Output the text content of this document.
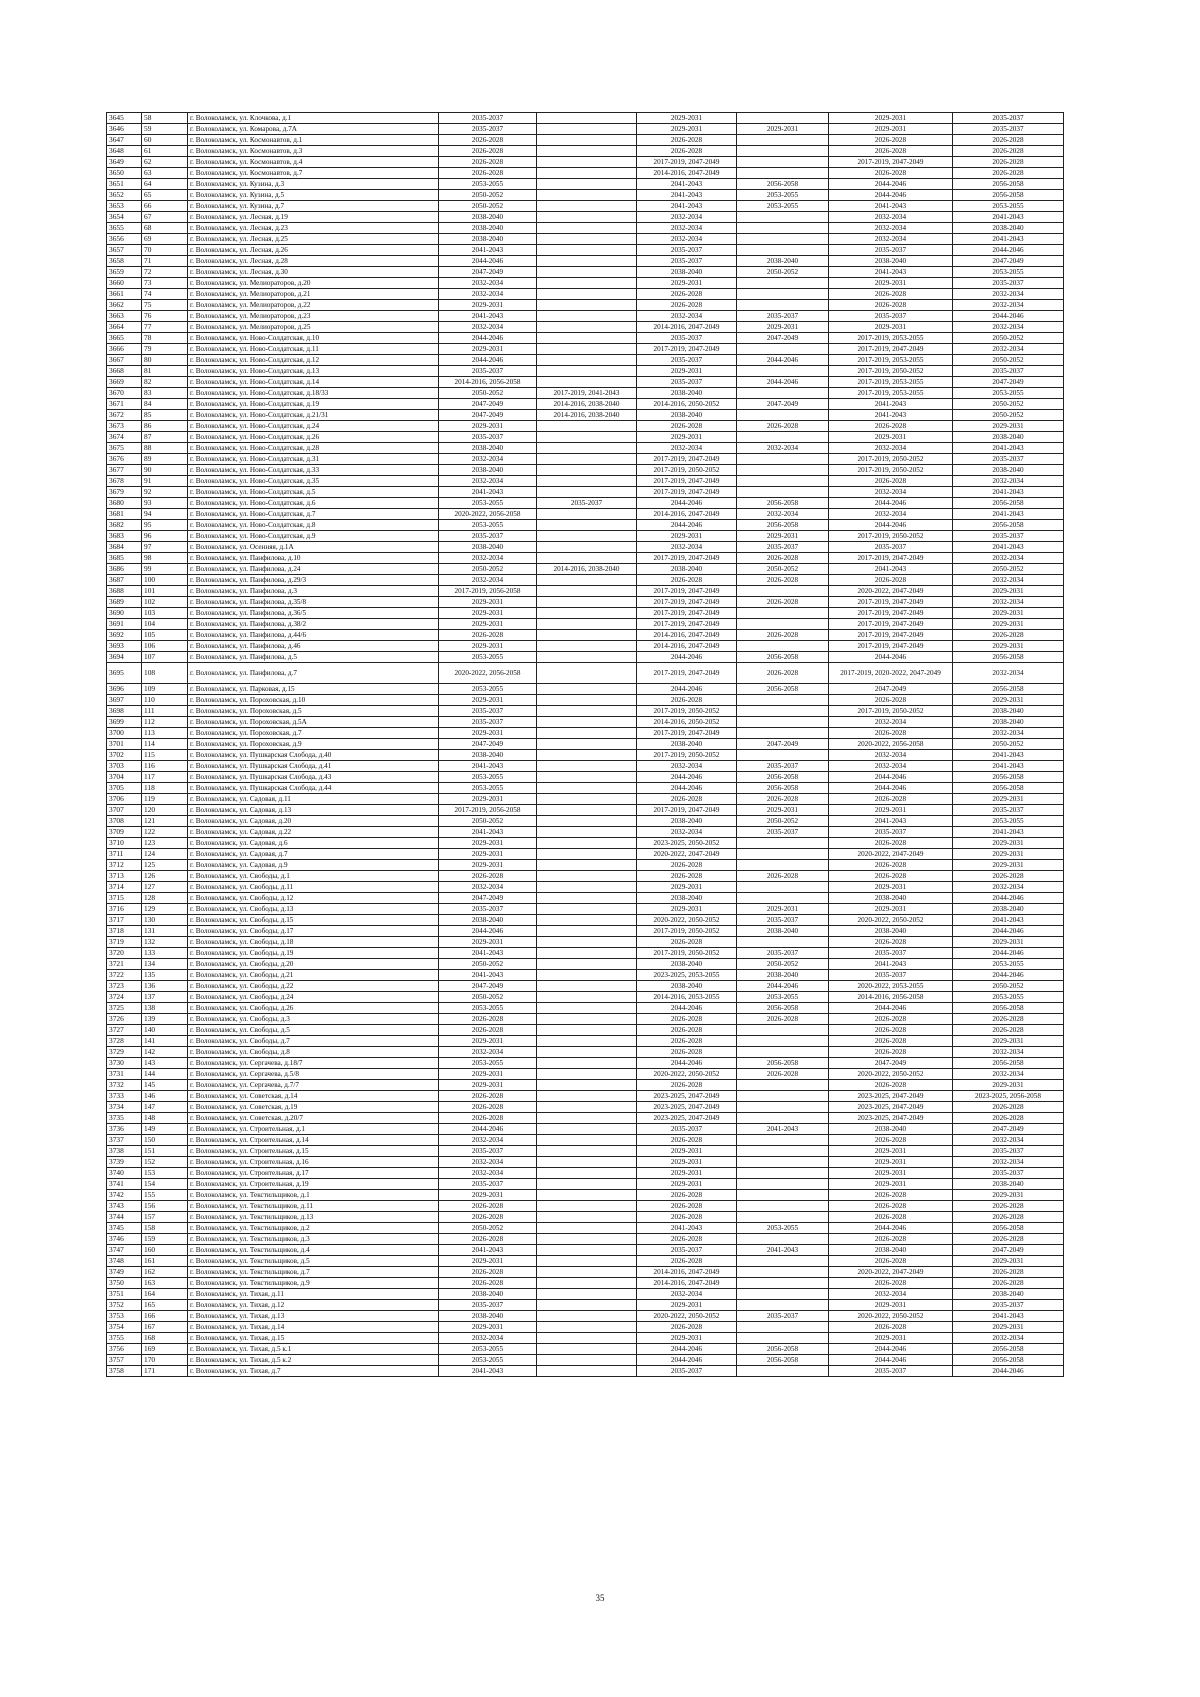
3645	58	г. Волоколамск, ул. Клочкова, д.1	2035-2037		2029-2031		2029-2031	2035-2037
3646	59	г. Волоколамск, ул. Комарова, д.7А	2035-2037		2029-2031	2029-2031	2029-2031	2035-2037
3647	60	г. Волоколамск, ул. Космонавтов, д.1	2026-2028		2026-2028		2026-2028	2026-2028
3648	61	г. Волоколамск, ул. Космонавтов, д.3	2026-2028		2026-2028		2026-2028	2026-2028
3649	62	г. Волоколамск, ул. Космонавтов, д.4	2026-2028		2017-2019, 2047-2049		2017-2019, 2047-2049	2026-2028
3650	63	г. Волоколамск, ул. Космонавтов, д.7	2026-2028		2014-2016, 2047-2049		2026-2028	2026-2028
3651	64	г. Волоколамск, ул. Кузина, д.3	2053-2055		2041-2043	2056-2058	2044-2046	2056-2058
3652	65	г. Волоколамск, ул. Кузина, д.5	2050-2052		2041-2043	2053-2055	2044-2046	2056-2058
3653	66	г. Волоколамск, ул. Кузина, д.7	2050-2052		2041-2043	2053-2055	2041-2043	2053-2055
3654	67	г. Волоколамск, ул. Лесная, д.19	2038-2040		2032-2034		2032-2034	2041-2043
3655	68	г. Волоколамск, ул. Лесная, д.23	2038-2040		2032-2034		2032-2034	2038-2040
3656	69	г. Волоколамск, ул. Лесная, д.25	2038-2040		2032-2034		2032-2034	2041-2043
3657	70	г. Волоколамск, ул. Лесная, д.26	2041-2043		2035-2037		2035-2037	2044-2046
3658	71	г. Волоколамск, ул. Лесная, д.28	2044-2046		2035-2037	2038-2040	2038-2040	2047-2049
3659	72	г. Волоколамск, ул. Лесная, д.30	2047-2049		2038-2040	2050-2052	2041-2043	2053-2055
3660	73	г. Волоколамск, ул. Мелиораторов, д.20	2032-2034		2029-2031		2029-2031	2035-2037
3661	74	г. Волоколамск, ул. Мелиораторов, д.21	2032-2034		2026-2028		2026-2028	2032-2034
3662	75	г. Волоколамск, ул. Мелиораторов, д.22	2029-2031		2026-2028		2026-2028	2032-2034
3663	76	г. Волоколамск, ул. Мелиораторов, д.23	2041-2043		2032-2034	2035-2037	2035-2037	2044-2046
3664	77	г. Волоколамск, ул. Мелиораторов, д.25	2032-2034		2014-2016, 2047-2049	2029-2031	2029-2031	2032-2034
3665	78	г. Волоколамск, ул. Ново-Солдатская, д.10	2044-2046		2035-2037	2047-2049	2017-2019, 2053-2055	2050-2052
3666	79	г. Волоколамск, ул. Ново-Солдатская, д.11	2029-2031		2017-2019, 2047-2049		2017-2019, 2047-2049	2032-2034
3667	80	г. Волоколамск, ул. Ново-Солдатская, д.12	2044-2046		2035-2037	2044-2046	2017-2019, 2053-2055	2050-2052
3668	81	г. Волоколамск, ул. Ново-Солдатская, д.13	2035-2037		2029-2031		2017-2019, 2050-2052	2035-2037
3669	82	г. Волоколамск, ул. Ново-Солдатская, д.14	2014-2016, 2056-2058		2035-2037	2044-2046	2017-2019, 2053-2055	2047-2049
3670	83	г. Волоколамск, ул. Ново-Солдатская, д.18/33	2050-2052	2017-2019, 2041-2043	2038-2040		2017-2019, 2053-2055	2053-2055
3671	84	г. Волоколамск, ул. Ново-Солдатская, д.19	2047-2049	2014-2016, 2038-2040	2014-2016, 2050-2052	2047-2049	2041-2043	2050-2052
3672	85	г. Волоколамск, ул. Ново-Солдатская, д.21/31	2047-2049	2014-2016, 2038-2040	2038-2040		2041-2043	2050-2052
3673	86	г. Волоколамск, ул. Ново-Солдатская, д.24	2029-2031		2026-2028	2026-2028	2026-2028	2029-2031
3674	87	г. Волоколамск, ул. Ново-Солдатская, д.26	2035-2037		2029-2031		2029-2031	2038-2040
3675	88	г. Волоколамск, ул. Ново-Солдатская, д.28	2038-2040		2032-2034	2032-2034	2032-2034	2041-2043
3676	89	г. Волоколамск, ул. Ново-Солдатская, д.31	2032-2034		2017-2019, 2047-2049		2017-2019, 2050-2052	2035-2037
3677	90	г. Волоколамск, ул. Ново-Солдатская, д.33	2038-2040		2017-2019, 2050-2052		2017-2019, 2050-2052	2038-2040
3678	91	г. Волоколамск, ул. Ново-Солдатская, д.35	2032-2034		2017-2019, 2047-2049		2026-2028	2032-2034
3679	92	г. Волоколамск, ул. Ново-Солдатская, д.5	2041-2043		2017-2019, 2047-2049		2032-2034	2041-2043
3680	93	г. Волоколамск, ул. Ново-Солдатская, д.6	2053-2055	2035-2037	2044-2046	2056-2058	2044-2046	2056-2058
3681	94	г. Волоколамск, ул. Ново-Солдатская, д.7	2020-2022, 2056-2058		2014-2016, 2047-2049	2032-2034	2032-2034	2041-2043
3682	95	г. Волоколамск, ул. Ново-Солдатская, д.8	2053-2055		2044-2046	2056-2058	2044-2046	2056-2058
3683	96	г. Волоколамск, ул. Ново-Солдатская, д.9	2035-2037		2029-2031	2029-2031	2017-2019, 2050-2052	2035-2037
3684	97	г. Волоколамск, ул. Осенняя, д.1А	2038-2040		2032-2034	2035-2037	2035-2037	2041-2043
3685	98	г. Волоколамск, ул. Панфилова, д.10	2032-2034		2017-2019, 2047-2049	2026-2028	2017-2019, 2047-2049	2032-2034
3686	99	г. Волоколамск, ул. Панфилова, д.24	2050-2052	2014-2016, 2038-2040	2038-2040	2050-2052	2041-2043	2050-2052
3687	100	г. Волоколамск, ул. Панфилова, д.29/3	2032-2034		2026-2028	2026-2028	2026-2028	2032-2034
3688	101	г. Волоколамск, ул. Панфилова, д.3	2017-2019, 2056-2058		2017-2019, 2047-2049		2020-2022, 2047-2049	2029-2031
3689	102	г. Волоколамск, ул. Панфилова, д.35/8	2029-2031		2017-2019, 2047-2049	2026-2028	2017-2019, 2047-2049	2032-2034
3690	103	г. Волоколамск, ул. Панфилова, д.36/5	2029-2031		2017-2019, 2047-2049		2017-2019, 2047-2049	2029-2031
3691	104	г. Волоколамск, ул. Панфилова, д.38/2	2029-2031		2017-2019, 2047-2049		2017-2019, 2047-2049	2029-2031
3692	105	г. Волоколамск, ул. Панфилова, д.44/6	2026-2028		2014-2016, 2047-2049	2026-2028	2017-2019, 2047-2049	2026-2028
3693	106	г. Волоколамск, ул. Панфилова, д.46	2029-2031		2014-2016, 2047-2049		2017-2019, 2047-2049	2029-2031
3694	107	г. Волоколамск, ул. Панфилова, д.5	2053-2055		2044-2046	2056-2058	2044-2046	2056-2058
3695	108	г. Волоколамск, ул. Панфилова, д.7	2020-2022, 2056-2058		2017-2019, 2047-2049	2026-2028	2017-2019, 2020-2022, 2047-2049	2032-2034
3696	109	г. Волоколамск, ул. Парковая, д.15	2053-2055		2044-2046	2056-2058	2047-2049	2056-2058
3697	110	г. Волоколамск, ул. Пороховская, д.10	2029-2031		2026-2028		2026-2028	2029-2031
3698	111	г. Волоколамск, ул. Пороховская, д.5	2035-2037		2017-2019, 2050-2052		2017-2019, 2050-2052	2038-2040
3699	112	г. Волоколамск, ул. Пороховская, д.5А	2035-2037		2014-2016, 2050-2052		2032-2034	2038-2040
3700	113	г. Волоколамск, ул. Пороховская, д.7	2029-2031		2017-2019, 2047-2049		2026-2028	2032-2034
3701	114	г. Волоколамск, ул. Пороховская, д.9	2047-2049		2038-2040	2047-2049	2020-2022, 2056-2058	2050-2052
3702	115	г. Волоколамск, ул. Пушкарская Слобода, д.40	2038-2040		2017-2019, 2050-2052		2032-2034	2041-2043
3703	116	г. Волоколамск, ул. Пушкарская Слобода, д.41	2041-2043		2032-2034	2035-2037	2032-2034	2041-2043
3704	117	г. Волоколамск, ул. Пушкарская Слобода, д.43	2053-2055		2044-2046	2056-2058	2044-2046	2056-2058
3705	118	г. Волоколамск, ул. Пушкарская Слобода, д.44	2053-2055		2044-2046	2056-2058	2044-2046	2056-2058
3706	119	г. Волоколамск, ул. Садовая, д.11	2029-2031		2026-2028	2026-2028	2026-2028	2029-2031
3707	120	г. Волоколамск, ул. Садовая, д.13	2017-2019, 2056-2058		2017-2019, 2047-2049	2029-2031	2029-2031	2035-2037
3708	121	г. Волоколамск, ул. Садовая, д.20	2050-2052		2038-2040	2050-2052	2041-2043	2053-2055
3709	122	г. Волоколамск, ул. Садовая, д.22	2041-2043		2032-2034	2035-2037	2035-2037	2041-2043
3710	123	г. Волоколамск, ул. Садовая, д.6	2029-2031		2023-2025, 2050-2052		2026-2028	2029-2031
3711	124	г. Волоколамск, ул. Садовая, д.7	2029-2031		2020-2022, 2047-2049		2020-2022, 2047-2049	2029-2031
3712	125	г. Волоколамск, ул. Садовая, д.9	2029-2031		2026-2028		2026-2028	2029-2031
3713	126	г. Волоколамск, ул. Свободы, д.1	2026-2028		2026-2028	2026-2028	2026-2028	2026-2028
3714	127	г. Волоколамск, ул. Свободы, д.11	2032-2034		2029-2031		2029-2031	2032-2034
3715	128	г. Волоколамск, ул. Свободы, д.12	2047-2049		2038-2040		2038-2040	2044-2046
3716	129	г. Волоколамск, ул. Свободы, д.13	2035-2037		2029-2031	2029-2031	2029-2031	2038-2040
3717	130	г. Волоколамск, ул. Свободы, д.15	2038-2040		2020-2022, 2050-2052	2035-2037	2020-2022, 2050-2052	2041-2043
3718	131	г. Волоколамск, ул. Свободы, д.17	2044-2046		2017-2019, 2050-2052	2038-2040	2038-2040	2044-2046
3719	132	г. Волоколамск, ул. Свободы, д.18	2029-2031		2026-2028		2026-2028	2029-2031
3720	133	г. Волоколамск, ул. Свободы, д.19	2041-2043		2017-2019, 2050-2052	2035-2037	2035-2037	2044-2046
3721	134	г. Волоколамск, ул. Свободы, д.20	2050-2052		2038-2040	2050-2052	2041-2043	2053-2055
3722	135	г. Волоколамск, ул. Свободы, д.21	2041-2043		2023-2025, 2053-2055	2038-2040	2035-2037	2044-2046
3723	136	г. Волоколамск, ул. Свободы, д.22	2047-2049		2038-2040	2044-2046	2020-2022, 2053-2055	2050-2052
3724	137	г. Волоколамск, ул. Свободы, д.24	2050-2052		2014-2016, 2053-2055	2053-2055	2014-2016, 2056-2058	2053-2055
3725	138	г. Волоколамск, ул. Свободы, д.26	2053-2055		2044-2046	2056-2058	2044-2046	2056-2058
3726	139	г. Волоколамск, ул. Свободы, д.3	2026-2028		2026-2028	2026-2028	2026-2028	2026-2028
3727	140	г. Волоколамск, ул. Свободы, д.5	2026-2028		2026-2028		2026-2028	2026-2028
3728	141	г. Волоколамск, ул. Свободы, д.7	2029-2031		2026-2028		2026-2028	2029-2031
3729	142	г. Волоколамск, ул. Свободы, д.8	2032-2034		2026-2028		2026-2028	2032-2034
3730	143	г. Волоколамск, ул. Сергачева, д.18/7	2053-2055		2044-2046	2056-2058	2047-2049	2056-2058
3731	144	г. Волоколамск, ул. Сергачева, д.5/8	2029-2031		2020-2022, 2050-2052	2026-2028	2020-2022, 2050-2052	2032-2034
3732	145	г. Волоколамск, ул. Сергачева, д.7/7	2029-2031		2026-2028		2026-2028	2029-2031
3733	146	г. Волоколамск, ул. Советская, д.14	2026-2028		2023-2025, 2047-2049		2023-2025, 2047-2049	2023-2025, 2056-2058
3734	147	г. Волоколамск, ул. Советская, д.19	2026-2028		2023-2025, 2047-2049		2023-2025, 2047-2049	2026-2028
3735	148	г. Волоколамск, ул. Советская, д.20/7	2026-2028		2023-2025, 2047-2049		2023-2025, 2047-2049	2026-2028
3736	149	г. Волоколамск, ул. Строительная, д.1	2044-2046		2035-2037	2041-2043	2038-2040	2047-2049
3737	150	г. Волоколамск, ул. Строительная, д.14	2032-2034		2026-2028		2026-2028	2032-2034
3738	151	г. Волоколамск, ул. Строительная, д.15	2035-2037		2029-2031		2029-2031	2035-2037
3739	152	г. Волоколамск, ул. Строительная, д.16	2032-2034		2029-2031		2029-2031	2032-2034
3740	153	г. Волоколамск, ул. Строительная, д.17	2032-2034		2029-2031		2029-2031	2035-2037
3741	154	г. Волоколамск, ул. Строительная, д.19	2035-2037		2029-2031		2029-2031	2038-2040
3742	155	г. Волоколамск, ул. Текстильщиков, д.1	2029-2031		2026-2028		2026-2028	2029-2031
3743	156	г. Волоколамск, ул. Текстильщиков, д.11	2026-2028		2026-2028		2026-2028	2026-2028
3744	157	г. Волоколамск, ул. Текстильщиков, д.13	2026-2028		2026-2028		2026-2028	2026-2028
3745	158	г. Волоколамск, ул. Текстильщиков, д.2	2050-2052		2041-2043	2053-2055	2044-2046	2056-2058
3746	159	г. Волоколамск, ул. Текстильщиков, д.3	2026-2028		2026-2028		2026-2028	2026-2028
3747	160	г. Волоколамск, ул. Текстильщиков, д.4	2041-2043		2035-2037	2041-2043	2038-2040	2047-2049
3748	161	г. Волоколамск, ул. Текстильщиков, д.5	2029-2031		2026-2028		2026-2028	2029-2031
3749	162	г. Волоколамск, ул. Текстильщиков, д.7	2026-2028		2014-2016, 2047-2049		2020-2022, 2047-2049	2026-2028
3750	163	г. Волоколамск, ул. Текстильщиков, д.9	2026-2028		2014-2016, 2047-2049		2026-2028	2026-2028
3751	164	г. Волоколамск, ул. Тихая, д.11	2038-2040		2032-2034		2032-2034	2038-2040
3752	165	г. Волоколамск, ул. Тихая, д.12	2035-2037		2029-2031		2029-2031	2035-2037
3753	166	г. Волоколамск, ул. Тихая, д.13	2038-2040		2020-2022, 2050-2052	2035-2037	2020-2022, 2050-2052	2041-2043
3754	167	г. Волоколамск, ул. Тихая, д.14	2029-2031		2026-2028		2026-2028	2029-2031
3755	168	г. Волоколамск, ул. Тихая, д.15	2032-2034		2029-2031		2029-2031	2032-2034
3756	169	г. Волоколамск, ул. Тихая, д.5 к.1	2053-2055		2044-2046	2056-2058	2044-2046	2056-2058
3757	170	г. Волоколамск, ул. Тихая, д.5 к.2	2053-2055		2044-2046	2056-2058	2044-2046	2056-2058
3758	171	г. Волоколамск, ул. Тихая, д.7	2041-2043		2035-2037		2035-2037	2044-2046
35
